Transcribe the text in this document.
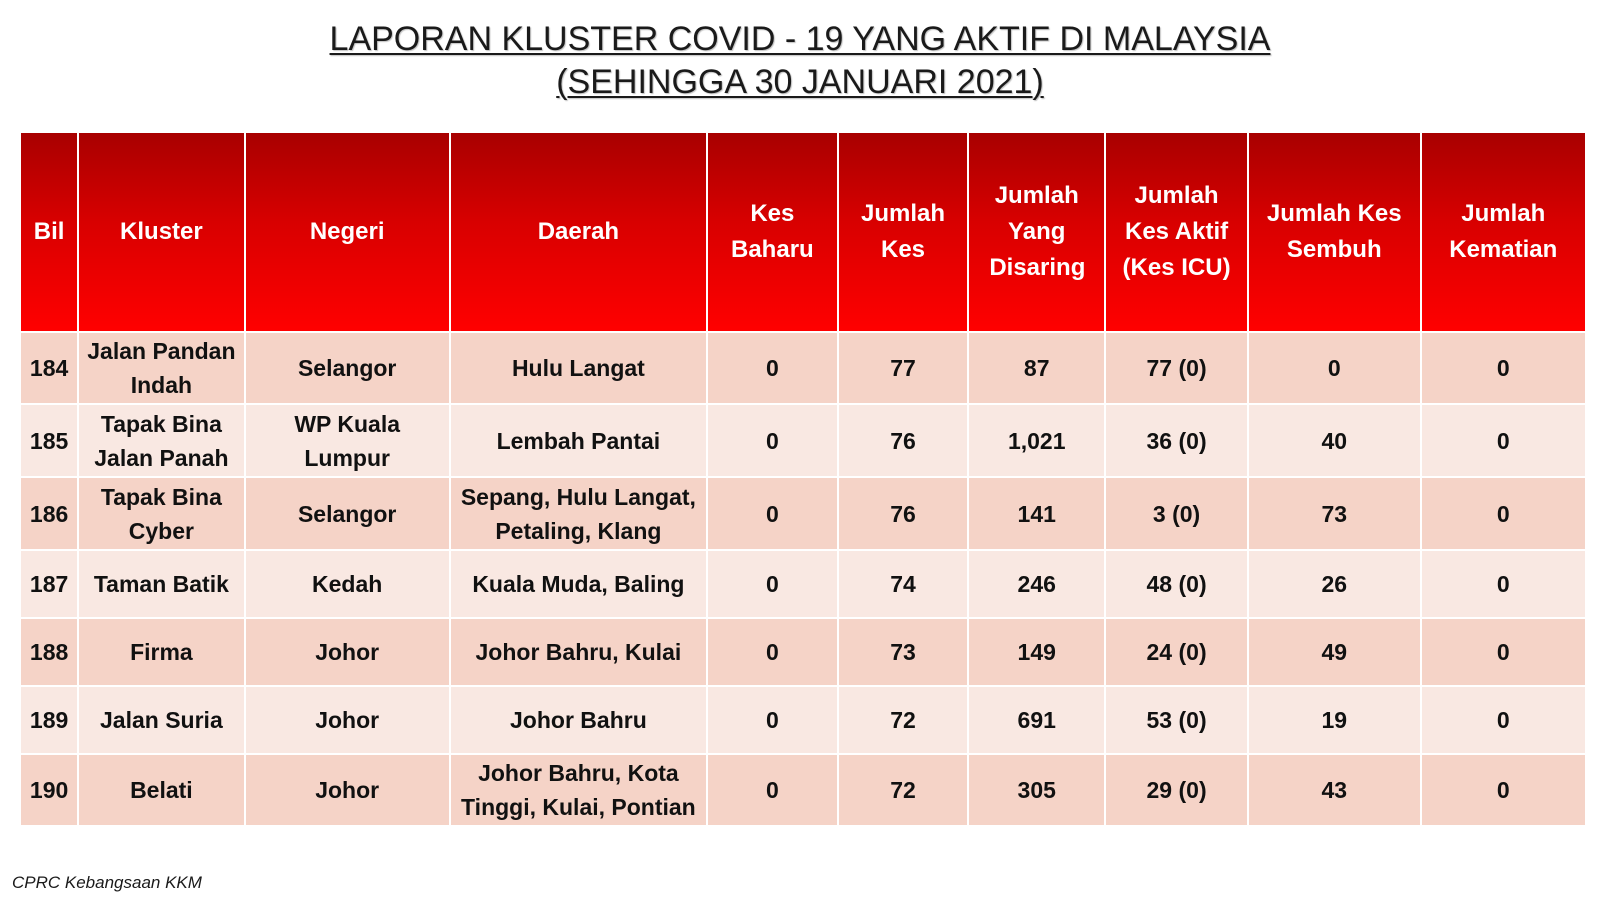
LAPORAN KLUSTER COVID - 19 YANG AKTIF DI MALAYSIA
(SEHINGGA 30 JANUARI 2021)
Bil	Kluster	Negeri	Daerah	Kes Baharu	Jumlah Kes	Jumlah Yang Disaring	Jumlah Kes Aktif (Kes ICU)	Jumlah Kes Sembuh	Jumlah Kematian
184	Jalan Pandan Indah	Selangor	Hulu Langat	0	77	87	77 (0)	0	0
185	Tapak Bina Jalan Panah	WP Kuala Lumpur	Lembah Pantai	0	76	1,021	36 (0)	40	0
186	Tapak Bina Cyber	Selangor	Sepang, Hulu Langat, Petaling, Klang	0	76	141	3 (0)	73	0
187	Taman Batik	Kedah	Kuala Muda, Baling	0	74	246	48 (0)	26	0
188	Firma	Johor	Johor Bahru, Kulai	0	73	149	24 (0)	49	0
189	Jalan Suria	Johor	Johor Bahru	0	72	691	53 (0)	19	0
190	Belati	Johor	Johor Bahru, Kota Tinggi, Kulai, Pontian	0	72	305	29 (0)	43	0
CPRC Kebangsaan KKM
